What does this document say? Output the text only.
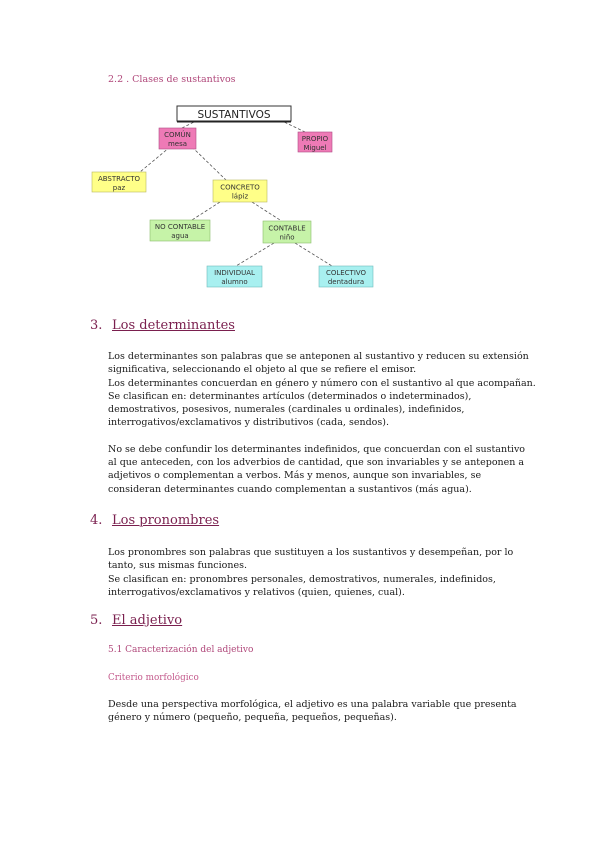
2.2 . Clases de sustantivos
SUSTANTIVOS
COMÚN
mesa
PROPIO
Miguel
ABSTRACTO
paz	CONCRETO
lápiz
NO CONTABLE
agua
CONTABLE
niño
INDIVIDUAL
alumno
COLECTIVO
dentadura
3. Los determinantes

Los determinantes son palabras que se anteponen al sustantivo y reducen su extensión significativa, seleccionando el objeto al que se refiere el emisor.

Los determinantes concuerdan en género y número con el sustantivo al que acompañan. Se clasifican en: determinantes artículos (determinados o indeterminados), demostrativos, posesivos, numerales (cardinales u ordinales), indefinidos, interrogativos/exclamativos y distributivos (cada, sendos).

No se debe confundir los determinantes indefinidos, que concuerdan con el sustantivo al que anteceden, con los adverbios de cantidad, que son invariables y se anteponen a adjetivos o complementan a verbos. Más y menos, aunque son invariables, se consideran determinantes cuando complementan a sustantivos (más agua).

4. Los pronombres

Los pronombres son palabras que sustituyen a los sustantivos y desempeñan, por lo tanto, sus mismas funciones.

Se clasifican en: pronombres personales, demostrativos, numerales, indefinidos, interrogativos/exclamativos y relativos (quien, quienes, cual).

5. El adjetivo
5.1 Caracterización del adjetivo
Criterio morfológico

Desde una perspectiva morfológica, el adjetivo es una palabra variable que presenta género y número (pequeño, pequeña, pequeños, pequeñas).
